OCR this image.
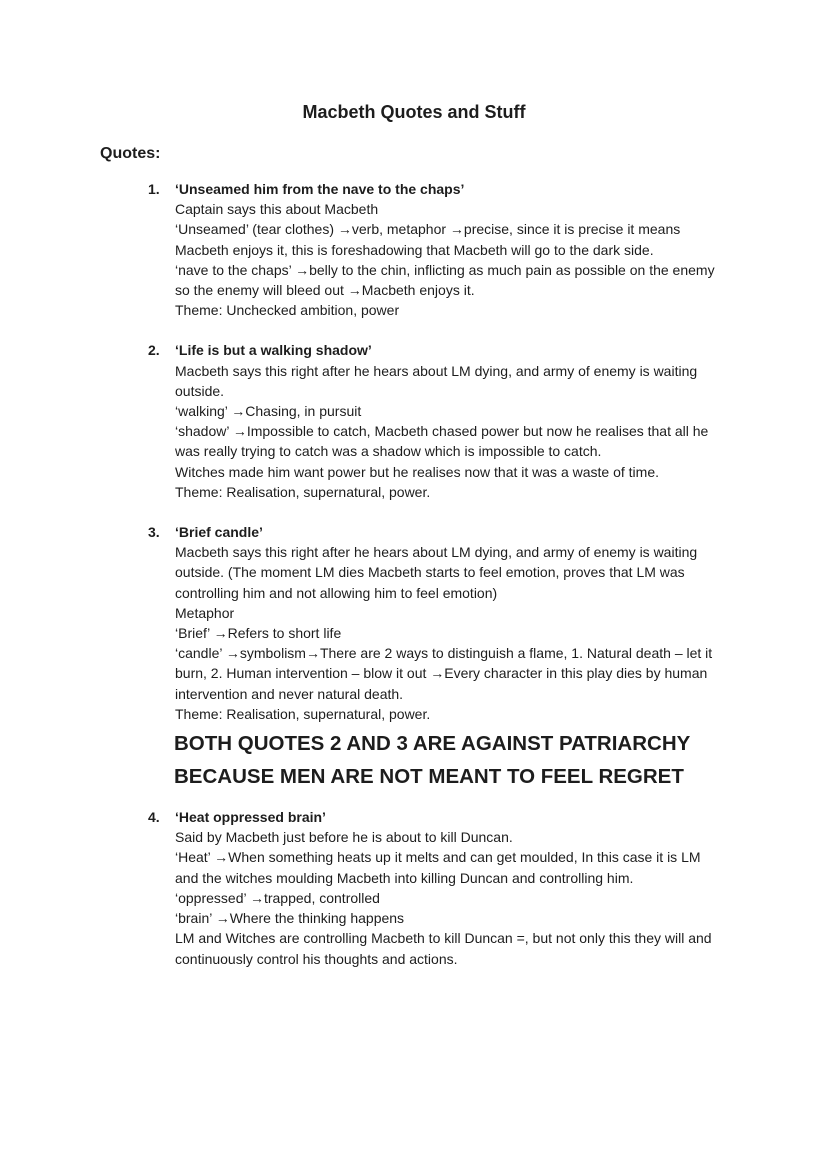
Macbeth Quotes and Stuff
Quotes:
1.	‘Unseamed him from the nave to the chaps’
Captain says this about Macbeth
‘Unseamed’ (tear clothes) →verb, metaphor →precise, since it is precise it means
Macbeth enjoys it, this is foreshadowing that Macbeth will go to the dark side.
‘nave to the chaps’ →belly to the chin, inflicting as much pain as possible on the enemy
so the enemy will bleed out →Macbeth enjoys it.
Theme: Unchecked ambition, power
2.	‘Life is but a walking shadow’
Macbeth says this right after he hears about LM dying, and army of enemy is waiting
outside.
‘walking’ →Chasing, in pursuit
‘shadow’ →Impossible to catch, Macbeth chased power but now he realises that all he
was really trying to catch was a shadow which is impossible to catch.
Witches made him want power but he realises now that it was a waste of time.
Theme: Realisation, supernatural, power.
3.	‘Brief candle’
Macbeth says this right after he hears about LM dying, and army of enemy is waiting
outside. (The moment LM dies Macbeth starts to feel emotion, proves that LM was
controlling him and not allowing him to feel emotion)
Metaphor
‘Brief’ →Refers to short life
‘candle’ →symbolism→There are 2 ways to distinguish a flame, 1. Natural death – let it
burn, 2. Human intervention – blow it out →Every character in this play dies by human
intervention and never natural death.
Theme: Realisation, supernatural, power.
BOTH QUOTES 2 AND 3 ARE AGAINST PATRIARCHY
BECAUSE MEN ARE NOT MEANT TO FEEL REGRET
4.	‘Heat oppressed brain’
Said by Macbeth just before he is about to kill Duncan.
‘Heat’ →When something heats up it melts and can get moulded, In this case it is LM
and the witches moulding Macbeth into killing Duncan and controlling him.
‘oppressed’ →trapped, controlled
‘brain’ →Where the thinking happens
LM and Witches are controlling Macbeth to kill Duncan =, but not only this they will and
continuously control his thoughts and actions.
